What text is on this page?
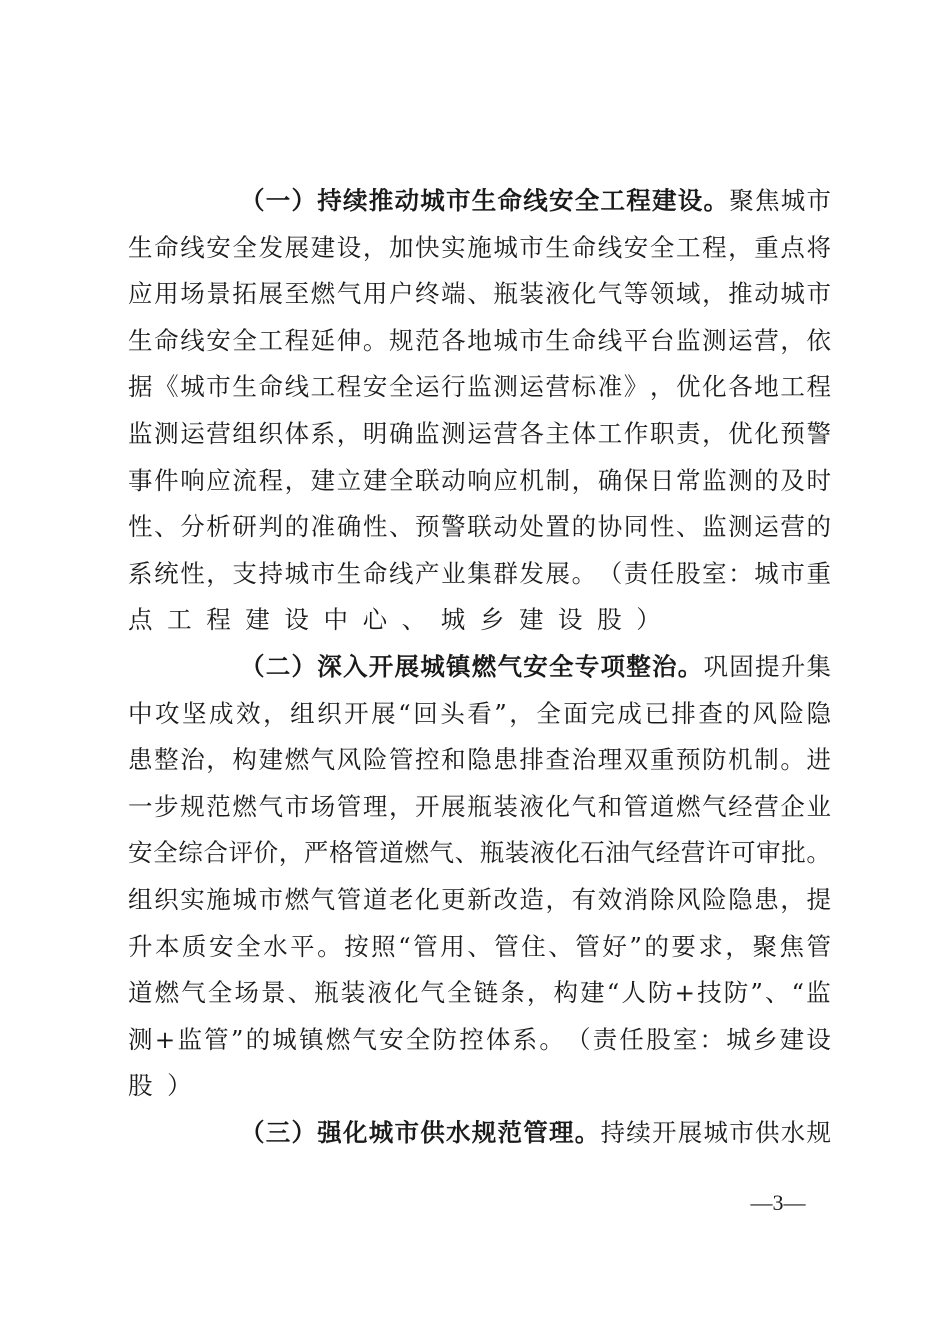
（ 一 ） 持 续 推 动 城 市 生 命 线 安 全 工 程 建 设 。 聚 焦 城 市
生 命 线 安 全 发 展 建 设 ， 加 快 实 施 城 市 生 命 线 安 全 工 程 ， 重 点 将
应 用 场 景 拓 展 至 燃 气 用 户 终 端 、 瓶 装 液 化 气 等 领 域 ， 推 动 城 市
生 命 线 安 全 工 程 延 伸 。 规 范 各 地 城 市 生 命 线 平 台 监 测 运 营 ， 依
据 《 城 市 生 命 线 工 程 安 全 运 行 监 测 运 营 标 准 》 ， 优 化 各 地 工 程
监 测 运 营 组 织 体 系 ， 明 确 监 测 运 营 各 主 体 工 作 职 责 ， 优 化 预 警
事 件 响 应 流 程 ， 建 立 建 全 联 动 响 应 机 制 ， 确 保 日 常 监 测 的 及 时
性 、 分 析 研 判 的 准 确 性 、 预 警 联 动 处 置 的 协 同 性 、 监 测 运 营 的
系 统 性 ， 支 持 城 市 生 命 线 产 业 集 群 发 展 。 （ 责 任 股 室 ： 城 市 重
点 工 程 建 设 中 心 、 城 乡 建 设 股 ）
（ 二 ） 深 入 开 展 城 镇 燃 气 安 全 专 项 整 治 。 巩 固 提 升 集
中 攻 坚 成 效 ， 组 织 开 展 “ 回 头 看 ” ， 全 面 完 成 已 排 查 的 风 险 隐
患 整 治 ， 构 建 燃 气 风 险 管 控 和 隐 患 排 查 治 理 双 重 预 防 机 制 。 进
一 步 规 范 燃 气 市 场 管 理 ， 开 展 瓶 装 液 化 气 和 管 道 燃 气 经 营 企 业
安 全 综 合 评 价 ， 严 格 管 道 燃 气 、 瓶 装 液 化 石 油 气 经 营 许 可 审 批 。
组 织 实 施 城 市 燃 气 管 道 老 化 更 新 改 造 ， 有 效 消 除 风 险 隐 患 ， 提
升 本 质 安 全 水 平 。 按 照 “ 管 用 、 管 住 、 管 好 ” 的 要 求 ， 聚 焦 管
道 燃 气 全 场 景 、 瓶 装 液 化 气 全 链 条 ， 构 建 “ 人 防 + 技 防 ” 、 “ 监
测 + 监 管 ” 的 城 镇 燃 气 安 全 防 控 体 系 。 （ 责 任 股 室 ： 城 乡 建 设
股 ）
（ 三 ） 强 化 城 市 供 水 规 范 管 理 。 持 续 开 展 城 市 供 水 规
—3—
